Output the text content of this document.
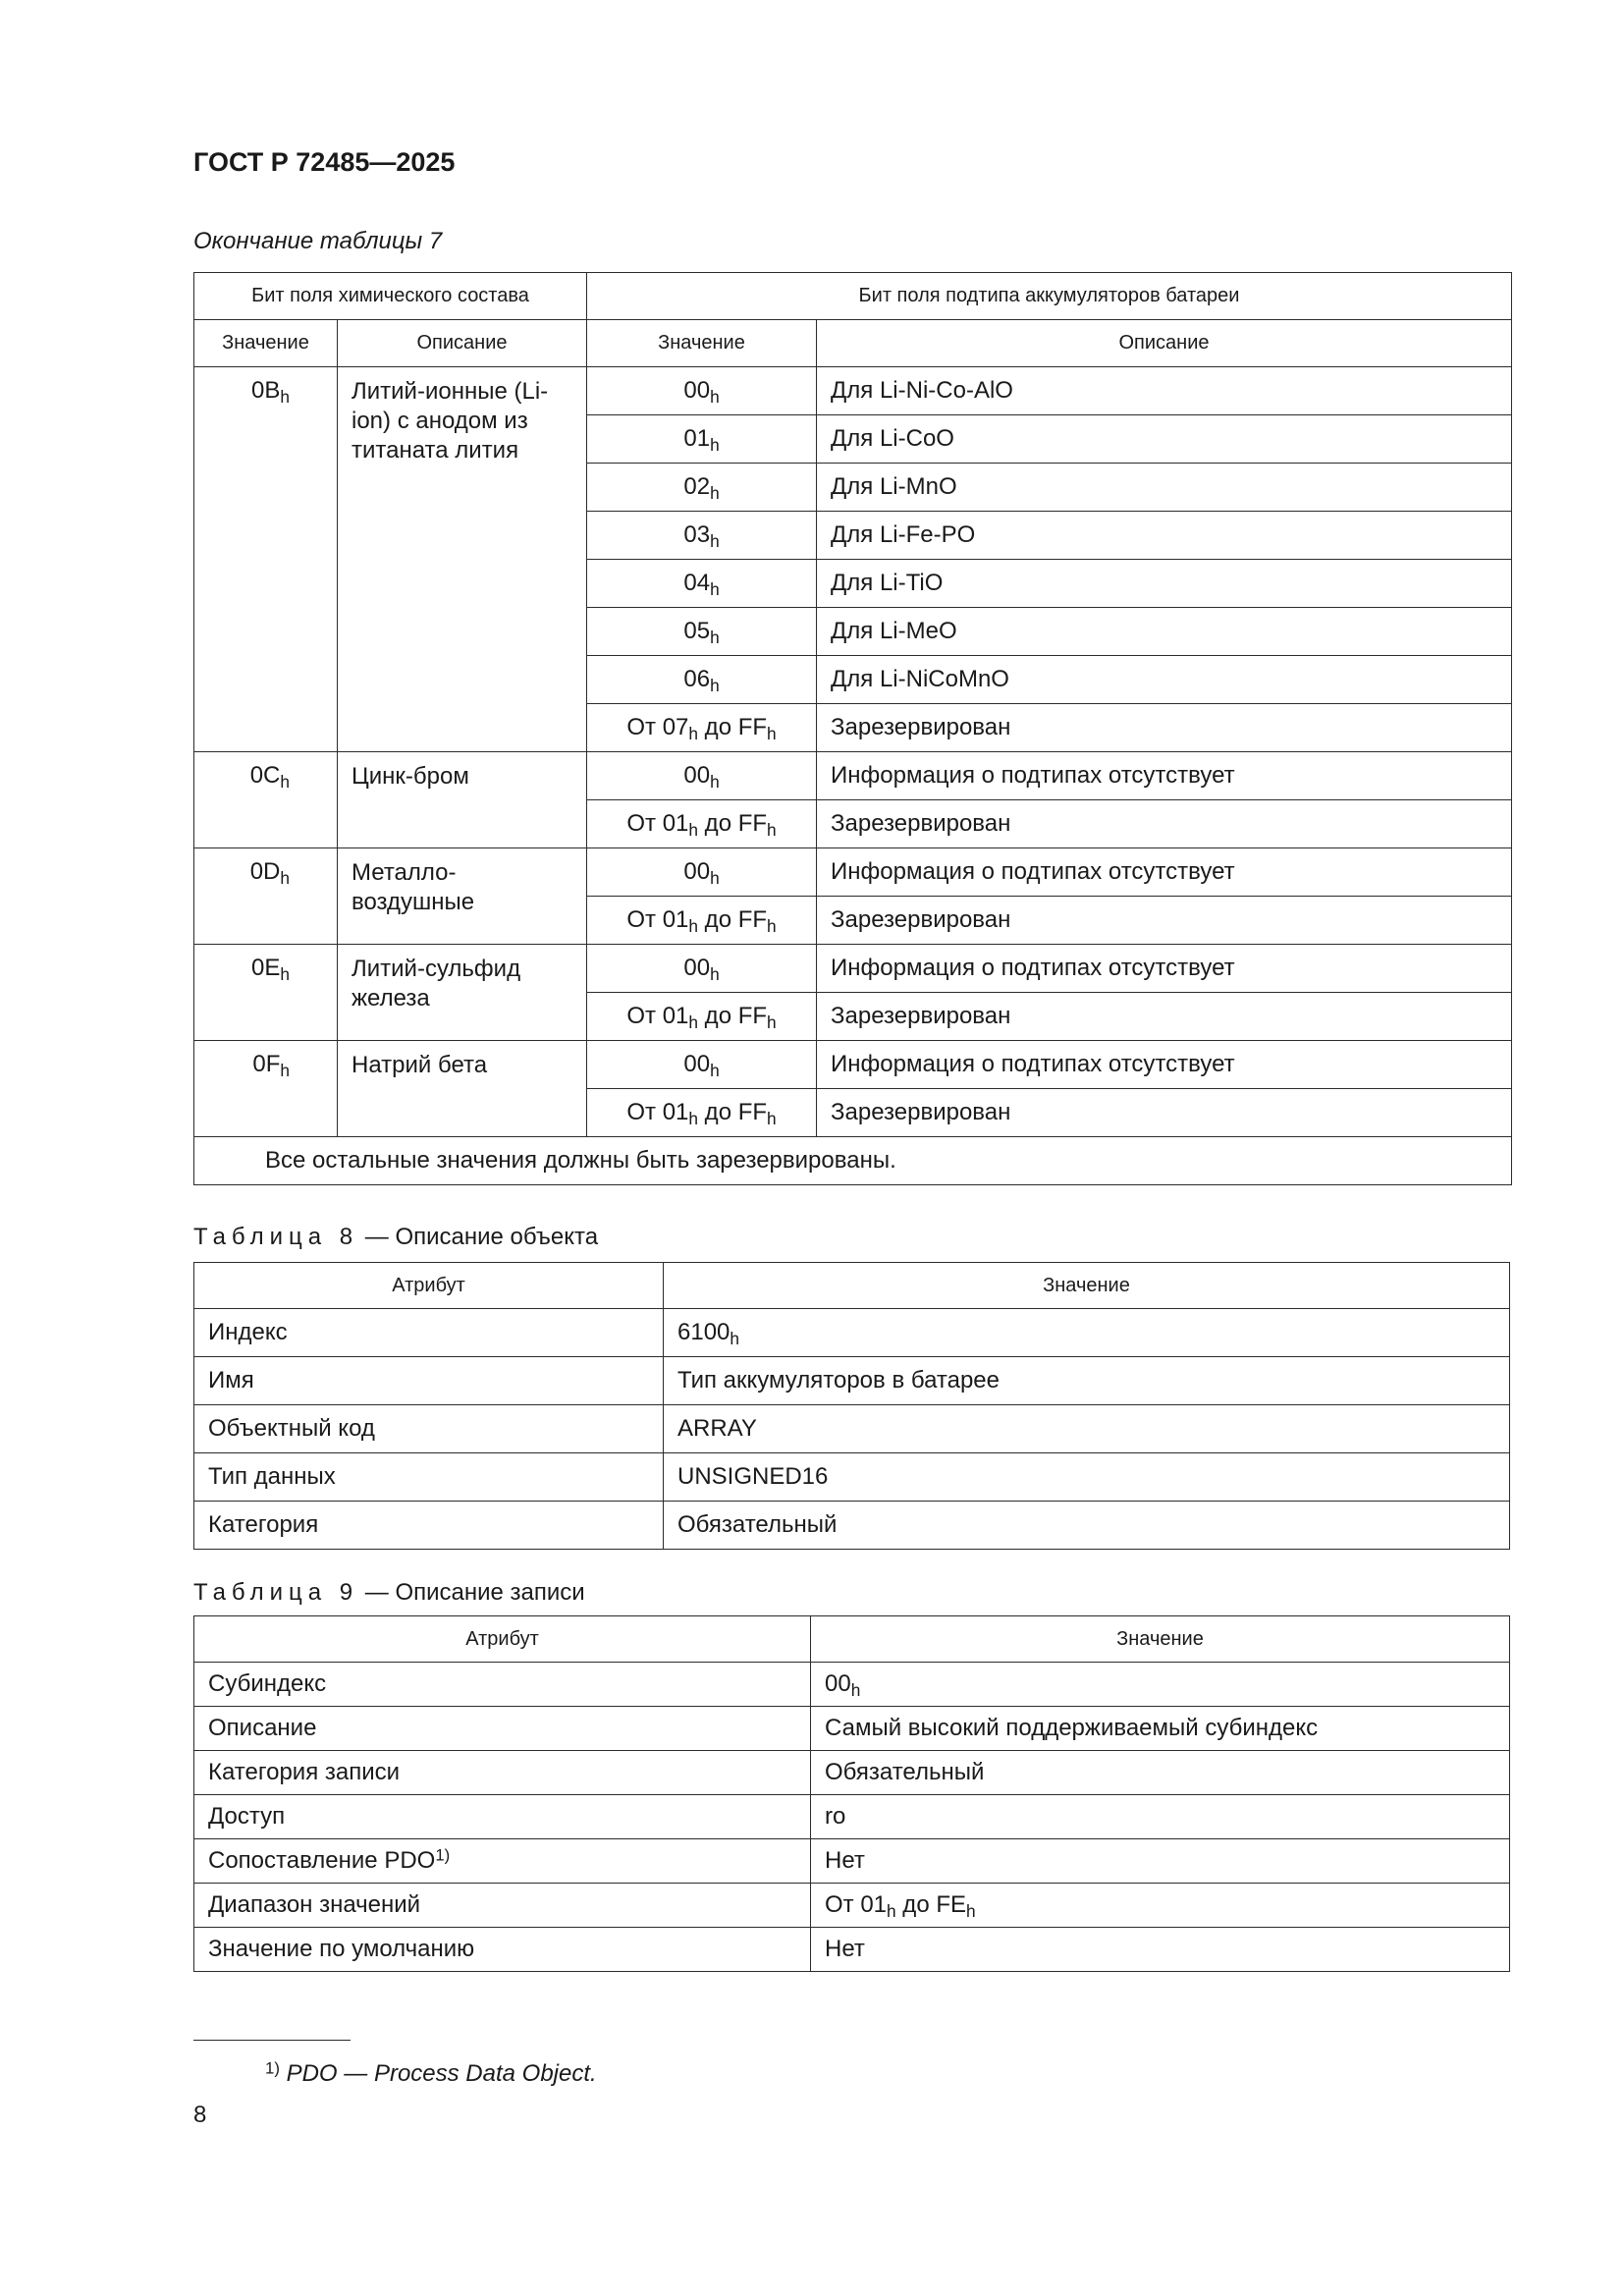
ГОСТ Р 72485—2025
Окончание таблицы 7
Бит поля химического состава		Бит поля подтипа аккумуляторов батареи	
Значение	Описание	Значение	Описание
$0B_h$	Литий-ионные (Li-ion) с анодом из титаната лития	$00_h$	Для Li-Ni-Co-AlO
		$01_h$	Для Li-CoO
		$02_h$	Для Li-MnO
		$03_h$	Для Li-Fe-PO
		$04_h$	Для Li-TiO
		$05_h$	Для Li-MeO
		$06_h$	Для Li-NiCoMnO
		От $07_h$ до $FF_h$	Зарезервирован
$0C_h$	Цинк-бром	$00_h$	Информация о подтипах отсутствует
		От $01_h$ до $FF_h$	Зарезервирован
$0D_h$	Металло-воздушные	$00_h$	Информация о подтипах отсутствует
		От $01_h$ до $FF_h$	Зарезервирован
$0E_h$	Литий-сульфид железа	$00_h$	Информация о подтипах отсутствует
		От $01_h$ до $FF_h$	Зарезервирован
$0F_h$	Натрий бета	$00_h$	Информация о подтипах отсутствует
		От $01_h$ до $FF_h$	Зарезервирован
Все остальные значения должны быть зарезервированы.			
Таблица 8 — Описание объекта
Атрибут	Значение
Индекс	$6100_h$
Имя	Тип аккумуляторов в батарее
Объектный код	ARRAY
Тип данных	UNSIGNED16
Категория	Обязательный
Таблица 9 — Описание записи
Атрибут	Значение
Субиндекс	$00_h$
Описание	Самый высокий поддерживаемый субиндекс
Категория записи	Обязательный
Доступ	ro
Сопоставление PDO$^{1)}$	Нет
Диапазон значений	От $01_h$ до $FE_h$
Значение по умолчанию	Нет
$^{1)}$ PDO — Process Data Object.
8
